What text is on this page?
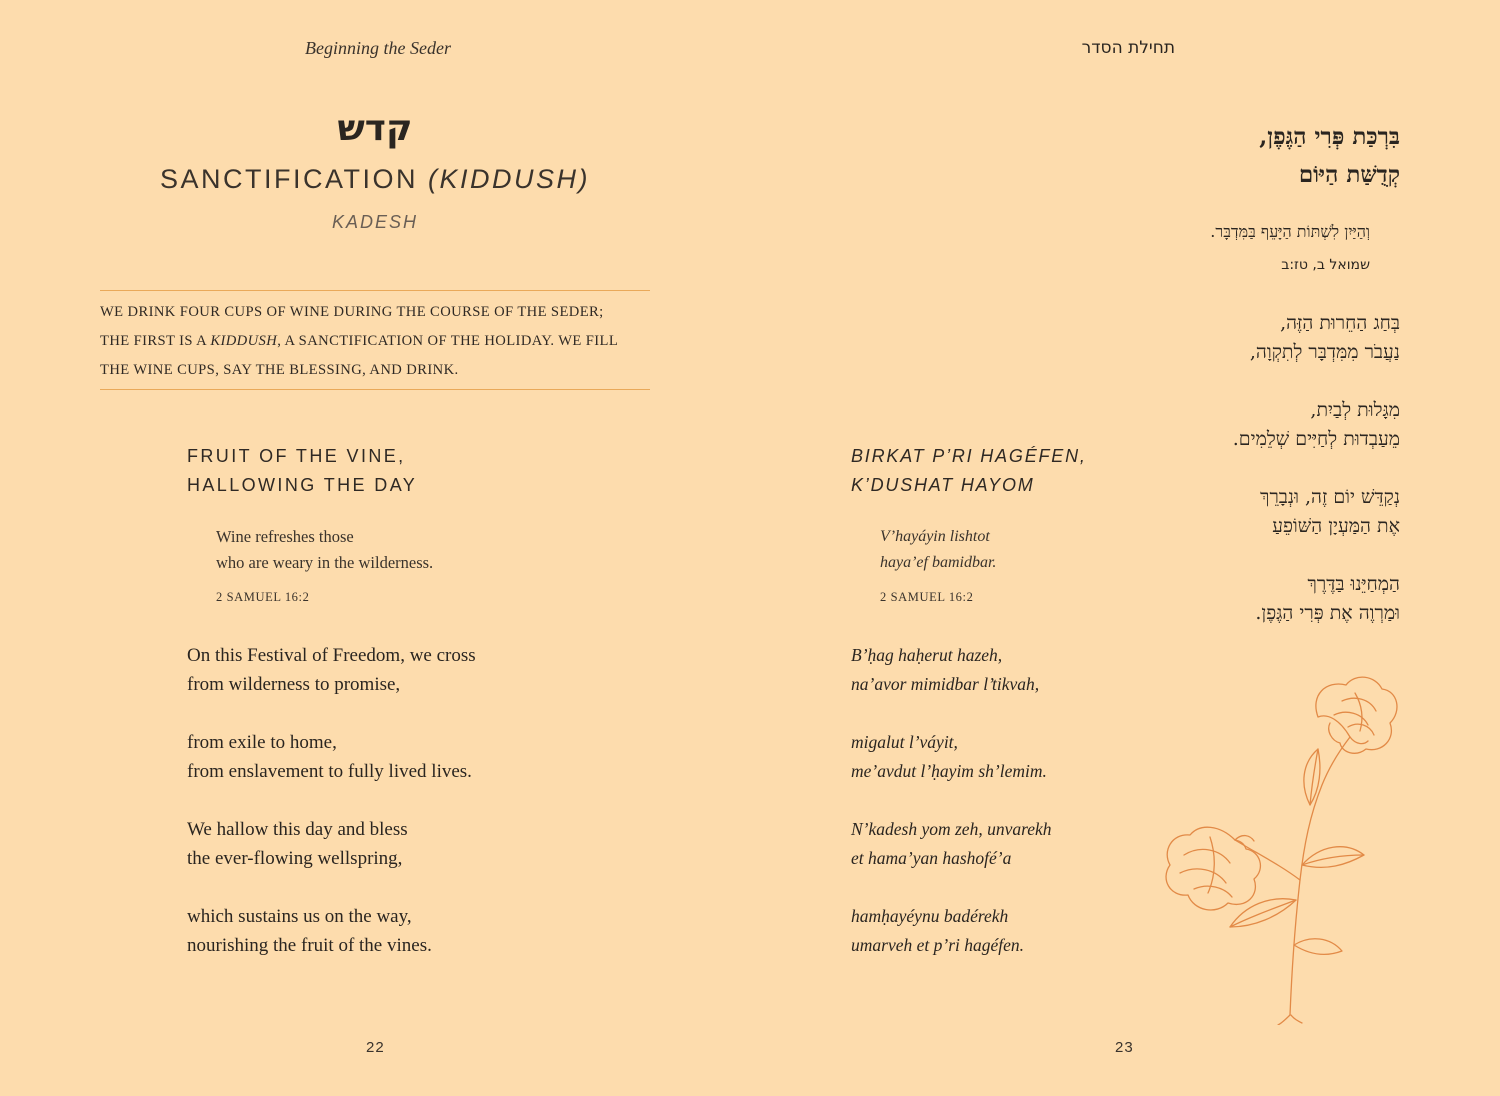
Beginning the Seder

קדש

SANCTIFICATION (KIDDUSH)

KADESH

WE DRINK FOUR CUPS OF WINE DURING THE COURSE OF THE SEDER;
THE FIRST IS A KIDDUSH, A SANCTIFICATION OF THE HOLIDAY. WE FILL
THE WINE CUPS, SAY THE BLESSING, AND DRINK.

FRUIT OF THE VINE,
HALLOWING THE DAY

Wine refreshes those
who are weary in the wilderness.

2 SAMUEL 16:2

On this Festival of Freedom, we cross
from wilderness to promise,

from exile to home,
from enslavement to fully lived lives.

We hallow this day and bless
the ever-flowing wellspring,

which sustains us on the way,
nourishing the fruit of the vines.

22

תחילת הסדר

בִּרְכַּת פְּרִי הַגֶּפֶן,
קְדֻשַּׁת הַיּוֹם

וְהַיַּיִן לִשְׁתּוֹת הַיָּעֵף בַּמִּדְבָּר.

שמואל ב, טז:ב

בְּחַג הַחֵרוּת הַזֶּה,
נַעֲבֹר מִמִּדְבָּר לְתִקְוָה,

מִגָּלוּת לְבַיִת,
מֵעַבְדוּת לְחַיִּים שְׁלֵמִים.

נְקַדֵּשׁ יוֹם זֶה, וּנְבָרֵךְ
אֶת הַמַּעְיָן הַשּׁוֹפֵעַ

הַמְחַיֵּנוּ בַּדֶּרֶךְ
וּמַרְוֶה אֶת פְּרִי הַגֶּפֶן.

BIRKAT P’RI HAGÉFEN,
K’DUSHAT HAYOM

V’hayáyin lishtot
haya’ef bamidbar.

2 SAMUEL 16:2

B’ḥag haḥerut hazeh,
na’avor mimidbar l’tikvah,

migalut l’váyit,
me’avdut l’ḥayim sh’lemim.

N’kadesh yom zeh, unvarekh
et hama’yan hashofé’a

hamḥayéynu badérekh
umarveh et p’ri hagéfen.

23
